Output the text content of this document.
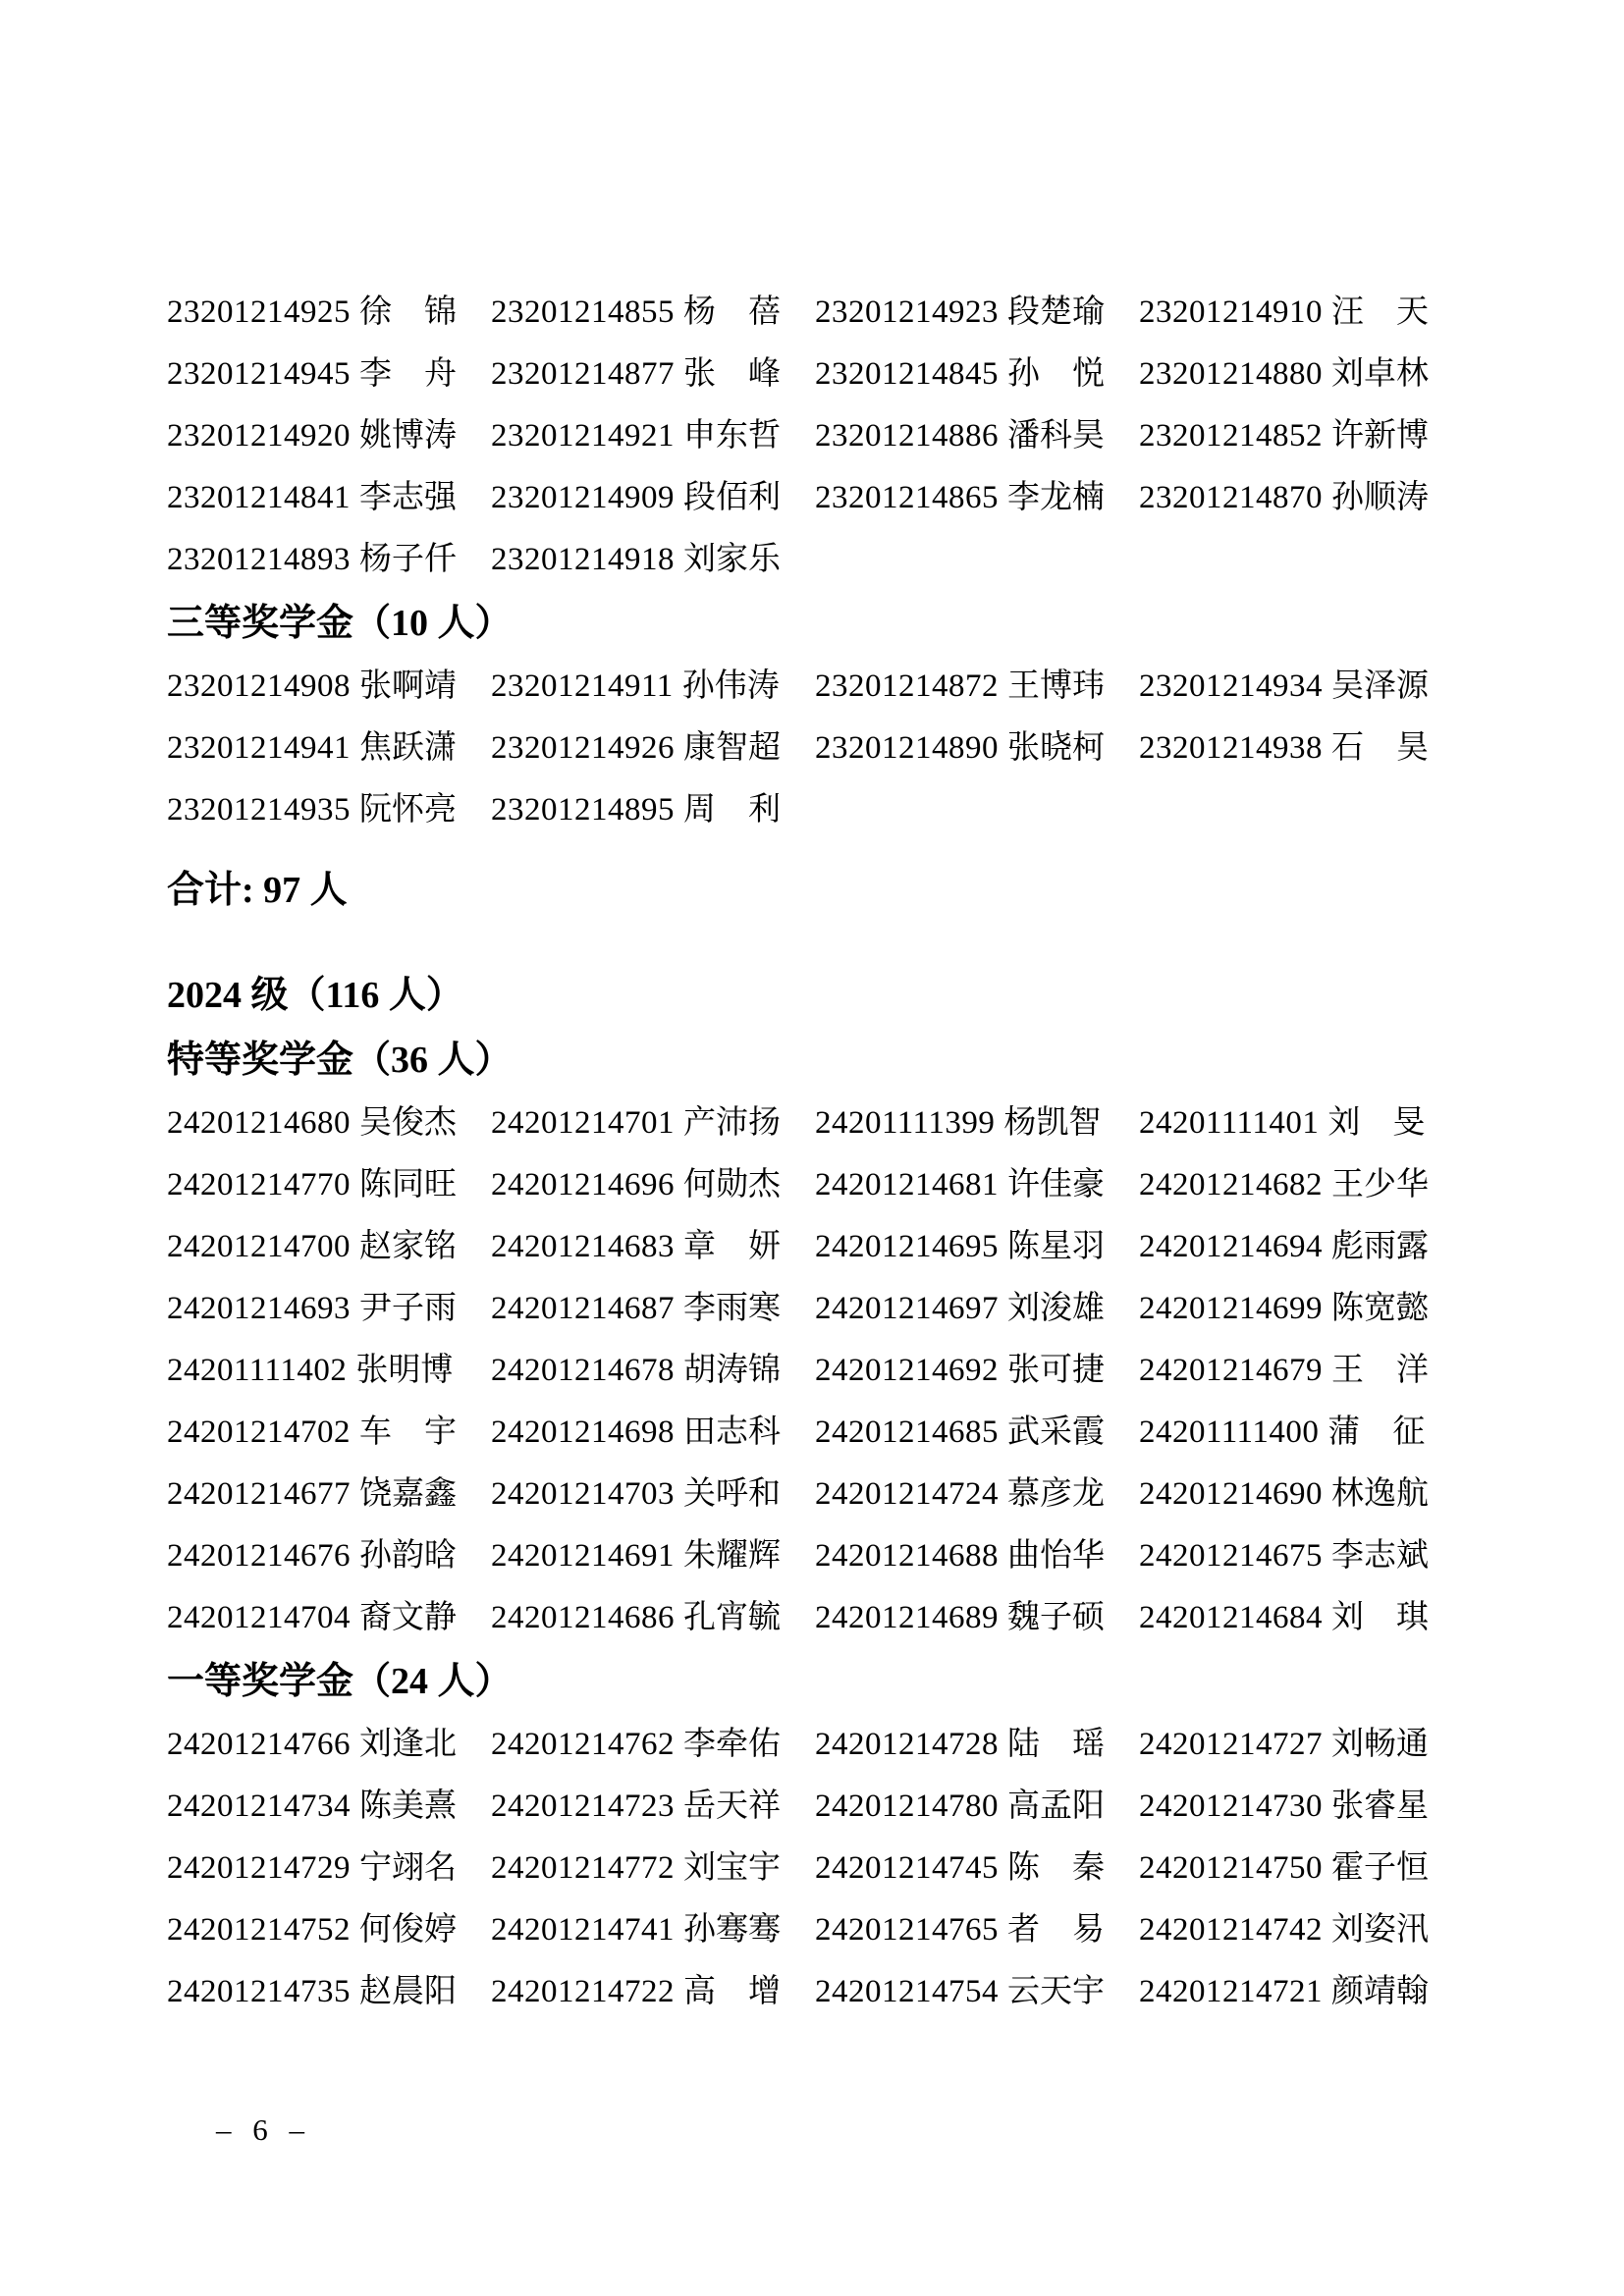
23201214925 徐　锦	23201214855 杨　蓓	23201214923 段楚瑜	23201214910 汪　天
23201214945 李　舟	23201214877 张　峰	23201214845 孙　悦	23201214880 刘卓林
23201214920 姚博涛	23201214921 申东哲	23201214886 潘科昊	23201214852 许新博
23201214841 李志强	23201214909 段佰利	23201214865 李龙楠	23201214870 孙顺涛
23201214893 杨子仟	23201214918 刘家乐
三等奖学金（10 人）
23201214908 张啊靖	23201214911 孙伟涛	23201214872 王博玮	23201214934 吴泽源
23201214941 焦跃潇	23201214926 康智超	23201214890 张晓柯	23201214938 石　昊
23201214935 阮怀亮	23201214895 周　利
合计: 97 人
2024 级（116 人）
特等奖学金（36 人）
24201214680 吴俊杰	24201214701 产沛扬	24201111399 杨凯智	24201111401 刘　旻
24201214770 陈同旺	24201214696 何勋杰	24201214681 许佳豪	24201214682 王少华
24201214700 赵家铭	24201214683 章　妍	24201214695 陈星羽	24201214694 彪雨露
24201214693 尹子雨	24201214687 李雨寒	24201214697 刘浚雄	24201214699 陈宽懿
24201111402 张明博	24201214678 胡涛锦	24201214692 张可捷	24201214679 王　洋
24201214702 车　宇	24201214698 田志科	24201214685 武采霞	24201111400 蒲　征
24201214677 饶嘉鑫	24201214703 关呼和	24201214724 慕彦龙	24201214690 林逸航
24201214676 孙韵晗	24201214691 朱耀辉	24201214688 曲怡华	24201214675 李志斌
24201214704 裔文静	24201214686 孔宵毓	24201214689 魏子硕	24201214684 刘　琪
一等奖学金（24 人）
24201214766 刘逢北	24201214762 李牵佑	24201214728 陆　瑶	24201214727 刘畅通
24201214734 陈美熹	24201214723 岳天祥	24201214780 高孟阳	24201214730 张睿星
24201214729 宁翊名	24201214772 刘宝宇	24201214745 陈　秦	24201214750 霍子恒
24201214752 何俊婷	24201214741 孙骞骞	24201214765 者　易	24201214742 刘姿汛
24201214735 赵晨阳	24201214722 高　增	24201214754 云天宇	24201214721 颜靖翰
– 6 –
